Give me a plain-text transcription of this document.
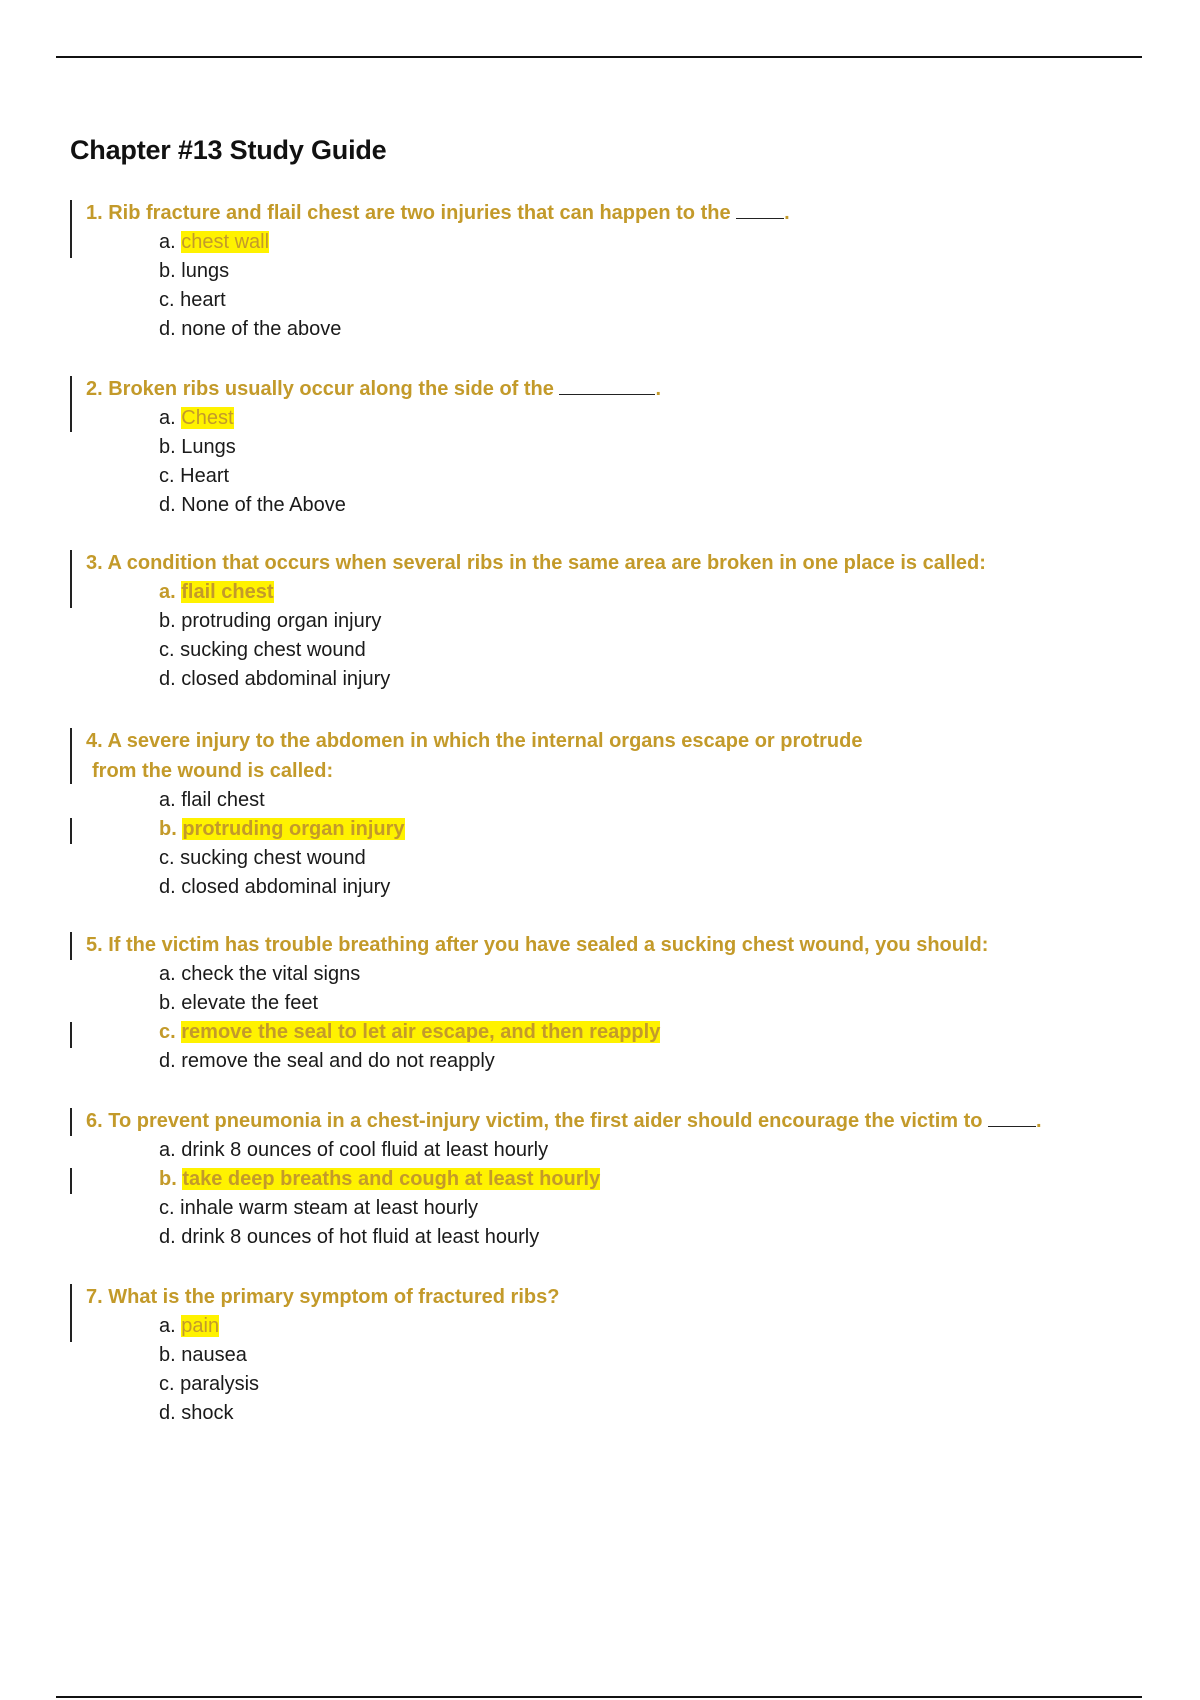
Chapter #13 Study Guide

1. Rib fracture and flail chest are two injuries that can happen to the	.

a. chest wall
b. lungs
c. heart
d. none of the above

2. Broken ribs usually occur along the side of the	.

a. Chest
b. Lungs
c. Heart
d. None of the Above

3. A condition that occurs when several ribs in the same area are broken in one place is called:

a. flail chest
b. protruding organ injury
c. sucking chest wound
d. closed abdominal injury

4. A severe injury to the abdomen in which the internal organs escape or protrude

from the wound is called:

a. flail chest
b. protruding organ injury
c. sucking chest wound
d. closed abdominal injury

5. If the victim has trouble breathing after you have sealed a sucking chest wound, you should:

a. check the vital signs
b. elevate the feet
c. remove the seal to let air escape, and then reapply
d. remove the seal and do not reapply

6. To prevent pneumonia in a chest-injury victim, the first aider should encourage the victim to	.

a. drink 8 ounces of cool fluid at least hourly
b. take deep breaths and cough at least hourly
c. inhale warm steam at least hourly
d. drink 8 ounces of hot fluid at least hourly

7. What is the primary symptom of fractured ribs?

a. pain
b. nausea
c. paralysis
d. shock
